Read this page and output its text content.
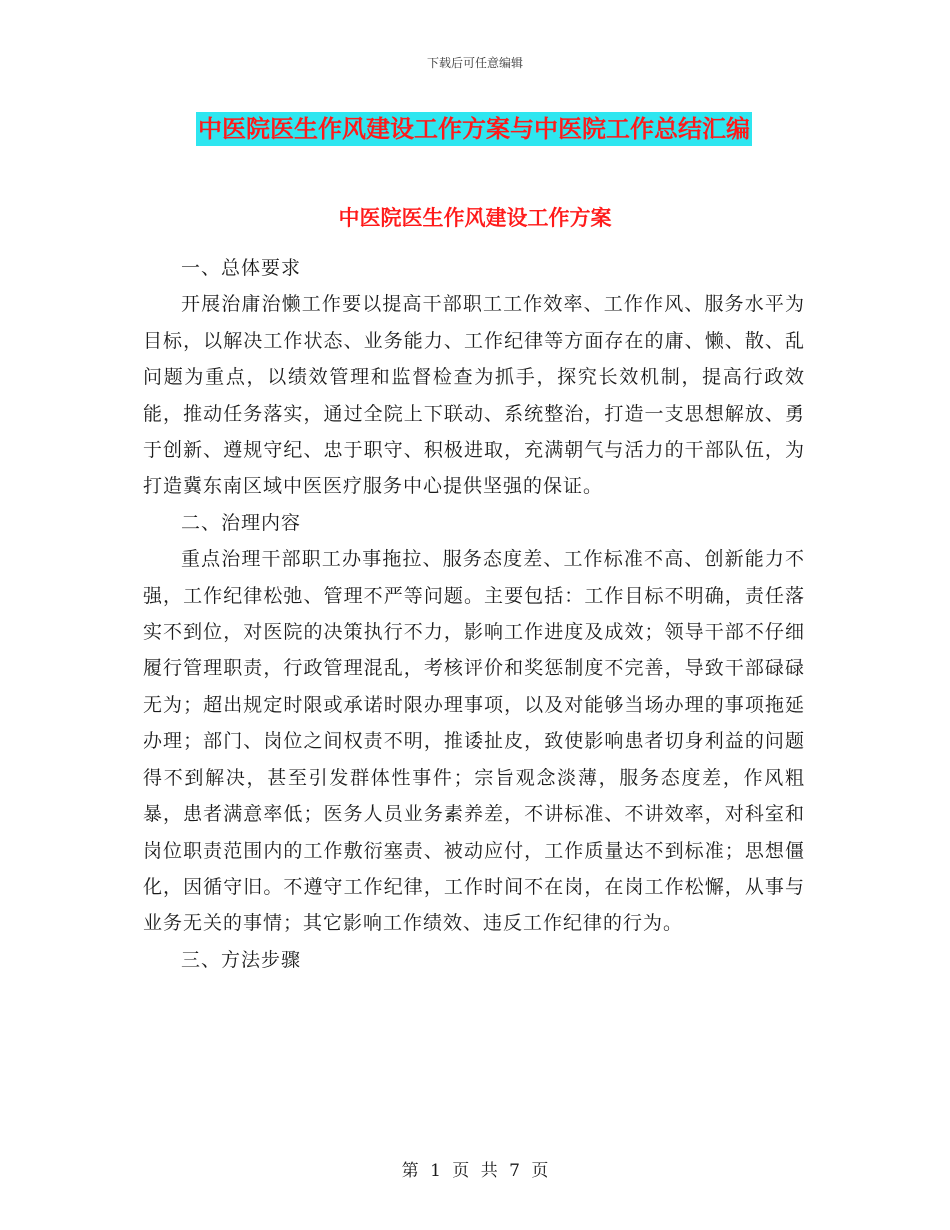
下载后可任意编辑
中医院医生作风建设工作方案与中医院工作总结汇编
中医院医生作风建设工作方案

一、总体要求

开展治庸治懒工作要以提高干部职工工作效率、工作作风、服务水平为目标，以解决工作状态、业务能力、工作纪律等方面存在的庸、懒、散、乱问题为重点，以绩效管理和监督检查为抓手，探究长效机制，提高行政效能，推动任务落实，通过全院上下联动、系统整治，打造一支思想解放、勇于创新、遵规守纪、忠于职守、积极进取，充满朝气与活力的干部队伍，为打造冀东南区域中医医疗服务中心提供坚强的保证。

二、治理内容

重点治理干部职工办事拖拉、服务态度差、工作标准不高、创新能力不强，工作纪律松弛、管理不严等问题。主要包括：工作目标不明确，责任落实不到位，对医院的决策执行不力，影响工作进度及成效；领导干部不仔细履行管理职责，行政管理混乱，考核评价和奖惩制度不完善，导致干部碌碌无为；超出规定时限或承诺时限办理事项，以及对能够当场办理的事项拖延办理；部门、岗位之间权责不明，推诿扯皮，致使影响患者切身利益的问题得不到解决，甚至引发群体性事件；宗旨观念淡薄，服务态度差，作风粗暴，患者满意率低；医务人员业务素养差，不讲标准、不讲效率，对科室和岗位职责范围内的工作敷衍塞责、被动应付，工作质量达不到标准；思想僵化，因循守旧。不遵守工作纪律，工作时间不在岗，在岗工作松懈，从事与业务无关的事情；其它影响工作绩效、违反工作纪律的行为。

三、方法步骤

第 1 页 共 7 页
